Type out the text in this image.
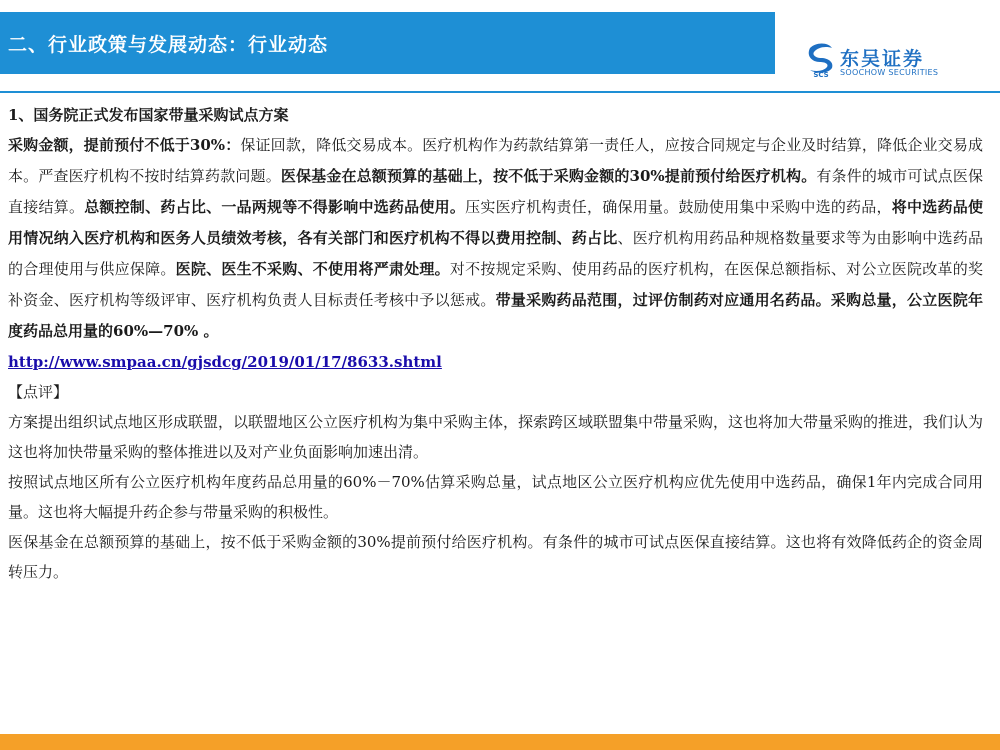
二、行业政策与发展动态：行业动态
SCS
东吴证券
SOOCHOW SECURITIES

1、国务院正式发布国家带量采购试点方案

采购金额，提前预付不低于30%：保证回款，降低交易成本。医疗机构作为药款结算第一责任人，应按合同规定与企业及时结算，降低企业交易成本。严查医疗机构不按时结算药款问题。医保基金在总额预算的基础上，按不低于采购金额的30%提前预付给医疗机构。有条件的城市可试点医保直接结算。总额控制、药占比、一品两规等不得影响中选药品使用。压实医疗机构责任，确保用量。鼓励使用集中采购中选的药品，将中选药品使用情况纳入医疗机构和医务人员绩效考核，各有关部门和医疗机构不得以费用控制、药占比、医疗机构用药品种规格数量要求等为由影响中选药品的合理使用与供应保障。医院、医生不采购、不使用将严肃处理。对不按规定采购、使用药品的医疗机构，在医保总额指标、对公立医院改革的奖补资金、医疗机构等级评审、医疗机构负责人目标责任考核中予以惩戒。带量采购药品范围，过评仿制药对应通用名药品。采购总量，公立医院年度药品总用量的60%—70% 。

http://www.smpaa.cn/gjsdcg/2019/01/17/8633.shtml

【点评】

方案提出组织试点地区形成联盟，以联盟地区公立医疗机构为集中采购主体，探索跨区域联盟集中带量采购，这也将加大带量采购的推进，我们认为这也将加快带量采购的整体推进以及对产业负面影响加速出清。

按照试点地区所有公立医疗机构年度药品总用量的60%－70%估算采购总量，试点地区公立医疗机构应优先使用中选药品，确保1年内完成合同用量。这也将大幅提升药企参与带量采购的积极性。

医保基金在总额预算的基础上，按不低于采购金额的30%提前预付给医疗机构。有条件的城市可试点医保直接结算。这也将有效降低药企的资金周转压力。
